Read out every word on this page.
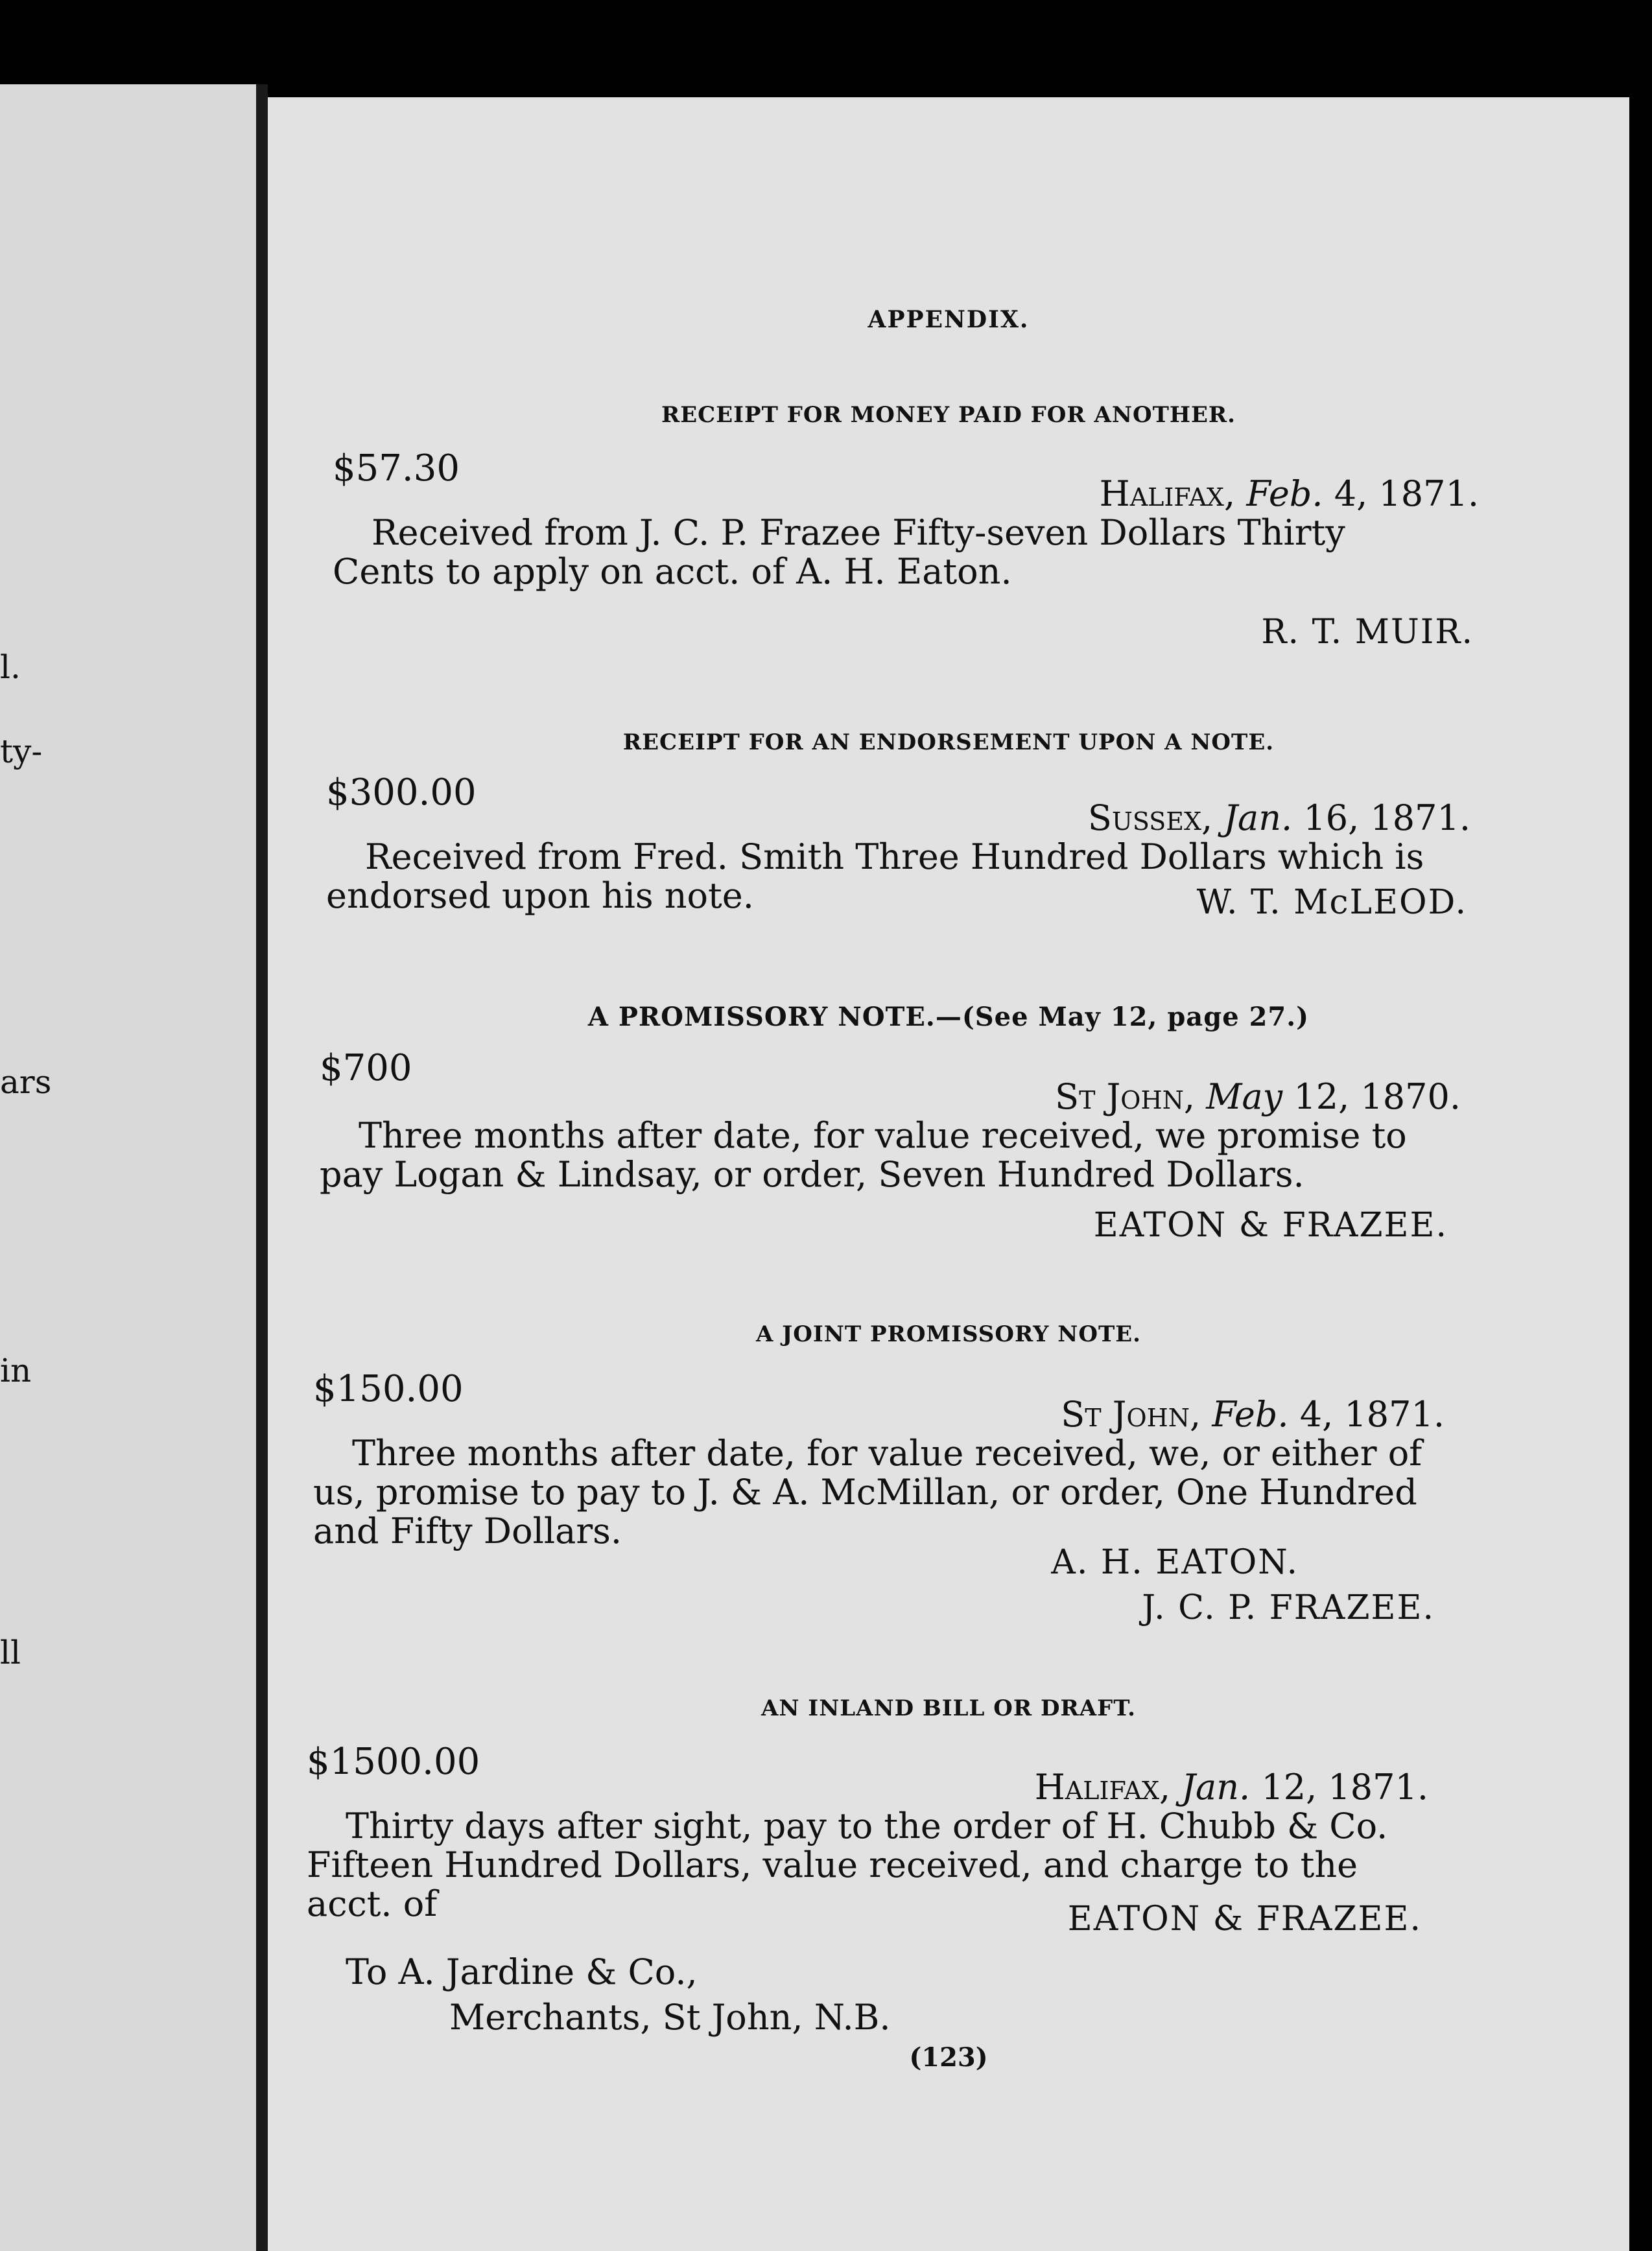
l.
ty-
ars
in
ll
APPENDIX.
RECEIPT FOR MONEY PAID FOR ANOTHER.
$57.30
Halifax, Feb. 4, 1871.
Received from J. C. P. Frazee Fifty-seven Dollars Thirty
Cents to apply on acct. of A. H. Eaton.
R. T. MUIR.
RECEIPT FOR AN ENDORSEMENT UPON A NOTE.
$300.00
Sussex, Jan. 16, 1871.
Received from Fred. Smith Three Hundred Dollars which is
endorsed upon his note.	W. T. McLEOD.
A PROMISSORY NOTE.—(See May 12, page 27.)
$700
St John, May 12, 1870.
Three months after date, for value received, we promise to
pay Logan & Lindsay, or order, Seven Hundred Dollars.
EATON & FRAZEE.
A JOINT PROMISSORY NOTE.
$150.00
St John, Feb. 4, 1871.
Three months after date, for value received, we, or either of
us, promise to pay to J. & A. McMillan, or order, One Hundred
and Fifty Dollars.
A. H. EATON.
J. C. P. FRAZEE.
AN INLAND BILL OR DRAFT.
$1500.00
Halifax, Jan. 12, 1871.
Thirty days after sight, pay to the order of H. Chubb & Co.
Fifteen Hundred Dollars, value received, and charge to the
acct. of	EATON & FRAZEE.
To A. Jardine & Co.,
Merchants, St John, N.B.
(123)
